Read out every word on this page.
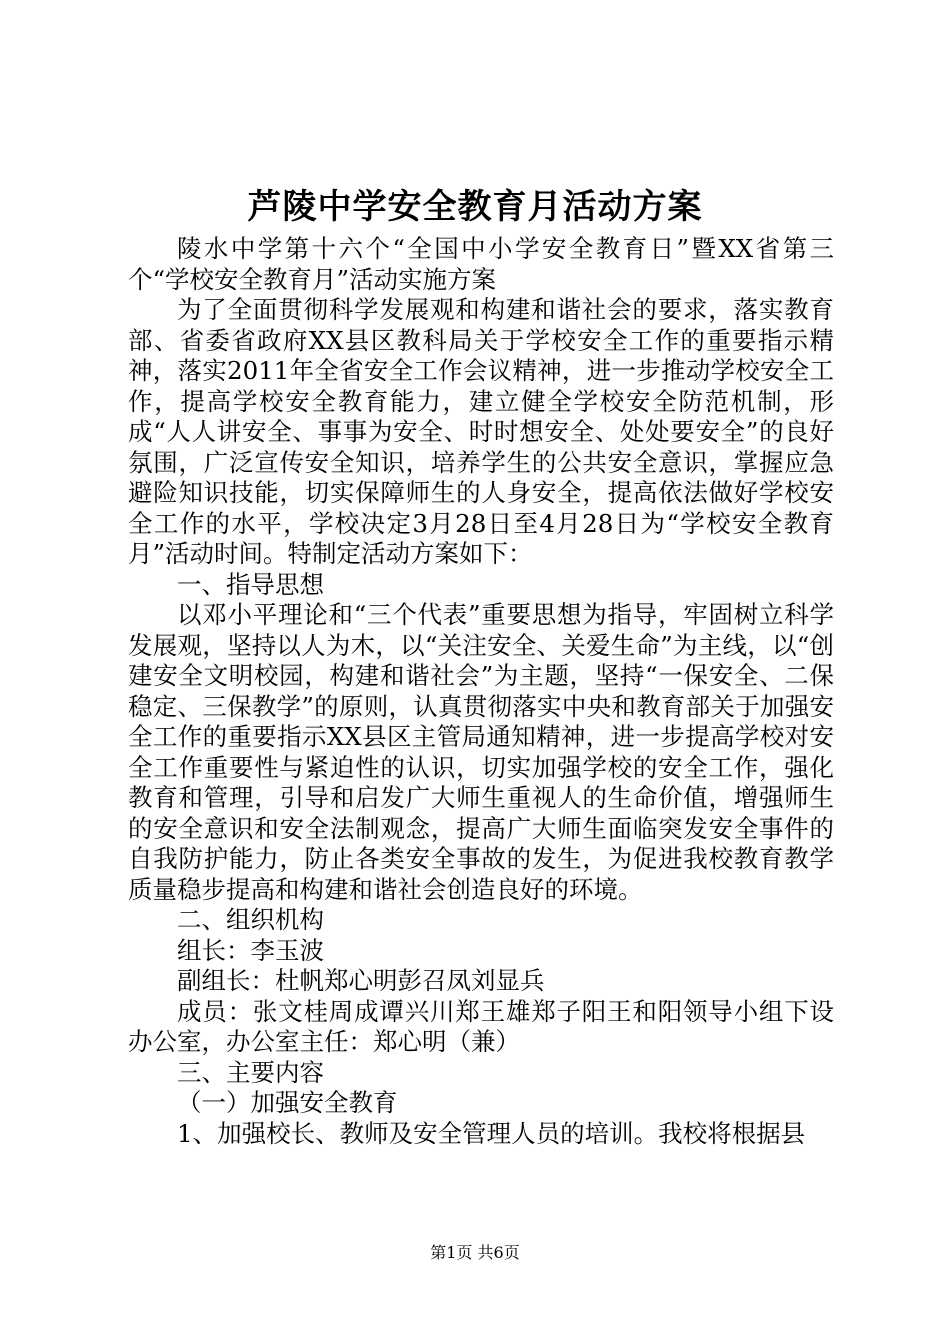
芦陵中学安全教育月活动方案

陵水中学第十六个“全国中小学安全教育日”暨XX省第三个“学校安全教育月”活动实施方案

为了全面贯彻科学发展观和构建和谐社会的要求，落实教育部、省委省政府XX县区教科局关于学校安全工作的重要指示精神，落实2011年全省安全工作会议精神，进一步推动学校安全工作，提高学校安全教育能力，建立健全学校安全防范机制，形成“人人讲安全、事事为安全、时时想安全、处处要安全”的良好氛围，广泛宣传安全知识，培养学生的公共安全意识，掌握应急避险知识技能，切实保障师生的人身安全，提高依法做好学校安全工作的水平，学校决定3月28日至4月28日为“学校安全教育月”活动时间。特制定活动方案如下：

一、指导思想

以邓小平理论和“三个代表”重要思想为指导，牢固树立科学发展观，坚持以人为木，以“关注安全、关爱生命”为主线，以“创建安全文明校园，构建和谐社会”为主题，坚持“一保安全、二保稳定、三保教学”的原则，认真贯彻落实中央和教育部关于加强安全工作的重要指示XX县区主管局通知精神，进一步提高学校对安全工作重要性与紧迫性的认识，切实加强学校的安全工作，强化教育和管理，引导和启发广大师生重视人的生命价值，增强师生的安全意识和安全法制观念，提高广大师生面临突发安全事件的自我防护能力，防止各类安全事故的发生，为促进我校教育教学质量稳步提高和构建和谐社会创造良好的环境。

二、组织机构

组长：李玉波

副组长：杜帆郑心明彭召凤刘显兵

成员：张文桂周成谭兴川郑王雄郑子阳王和阳领导小组下设办公室，办公室主任：郑心明（兼）

三、主要内容

（一）加强安全教育

1、加强校长、教师及安全管理人员的培训。我校将根据县

第1页 共6页
